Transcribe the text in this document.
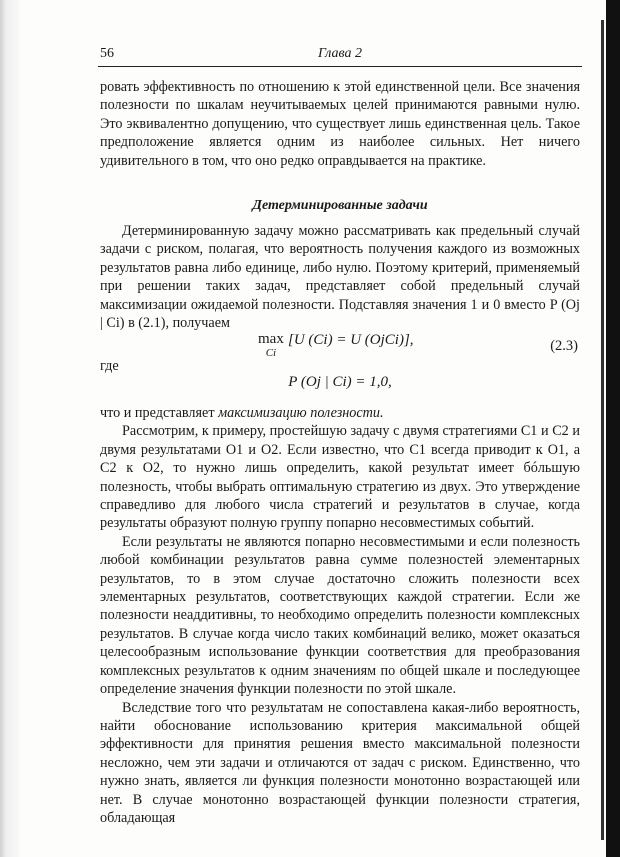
56	Глава 2

ровать эффективность по отношению к этой единственной цели. Все значения полезности по шкалам неучитываемых целей принимаются равными нулю. Это эквивалентно допущению, что существует лишь единственная цель. Такое предположение является одним из наиболее сильных. Нет ничего удивительного в том, что оно редко оправдывается на практике.

Детерминированные задачи

Детерминированную задачу можно рассматривать как предельный случай задачи с риском, полагая, что вероятность получения каждого из возможных результатов равна либо единице, либо нулю. Поэтому критерий, применяемый при решении таких задач, представляет собой предельный случай максимизации ожидаемой полезности. Подставляя значения 1 и 0 вместо P (Oj | Ci) в (2.1), получаем

max
Ci
[U (Ci) = U (OjCi)],	(2.3)
где
P (Oj | Ci) = 1,0,

что и представляет максимизацию полезности.

Рассмотрим, к примеру, простейшую задачу с двумя стратегиями C1 и C2 и двумя результатами O1 и O2. Если известно, что C1 всегда приводит к O1, а C2 к O2, то нужно лишь определить, какой результат имеет бóльшую полезность, чтобы выбрать оптимальную стратегию из двух. Это утверждение справедливо для любого числа стратегий и результатов в случае, когда результаты образуют полную группу попарно несовместимых событий.

Если результаты не являются попарно несовместимыми и если полезность любой комбинации результатов равна сумме полезностей элементарных результатов, то в этом случае достаточно сложить полезности всех элементарных результатов, соответствующих каждой стратегии. Если же полезности неаддитивны, то необходимо определить полезности комплексных результатов. В случае когда число таких комбинаций велико, может оказаться целесообразным использование функции соответствия для преобразования комплексных результатов к одним значениям по общей шкале и последующее определение значения функции полезности по этой шкале.

Вследствие того что результатам не сопоставлена какая-либо вероятность, найти обоснование использованию критерия максимальной общей эффективности для принятия решения вместо максимальной полезности несложно, чем эти задачи и отличаются от задач с риском. Единственно, что нужно знать, является ли функция полезности монотонно возрастающей или нет. В случае монотонно возрастающей функции полезности стратегия, обладающая
